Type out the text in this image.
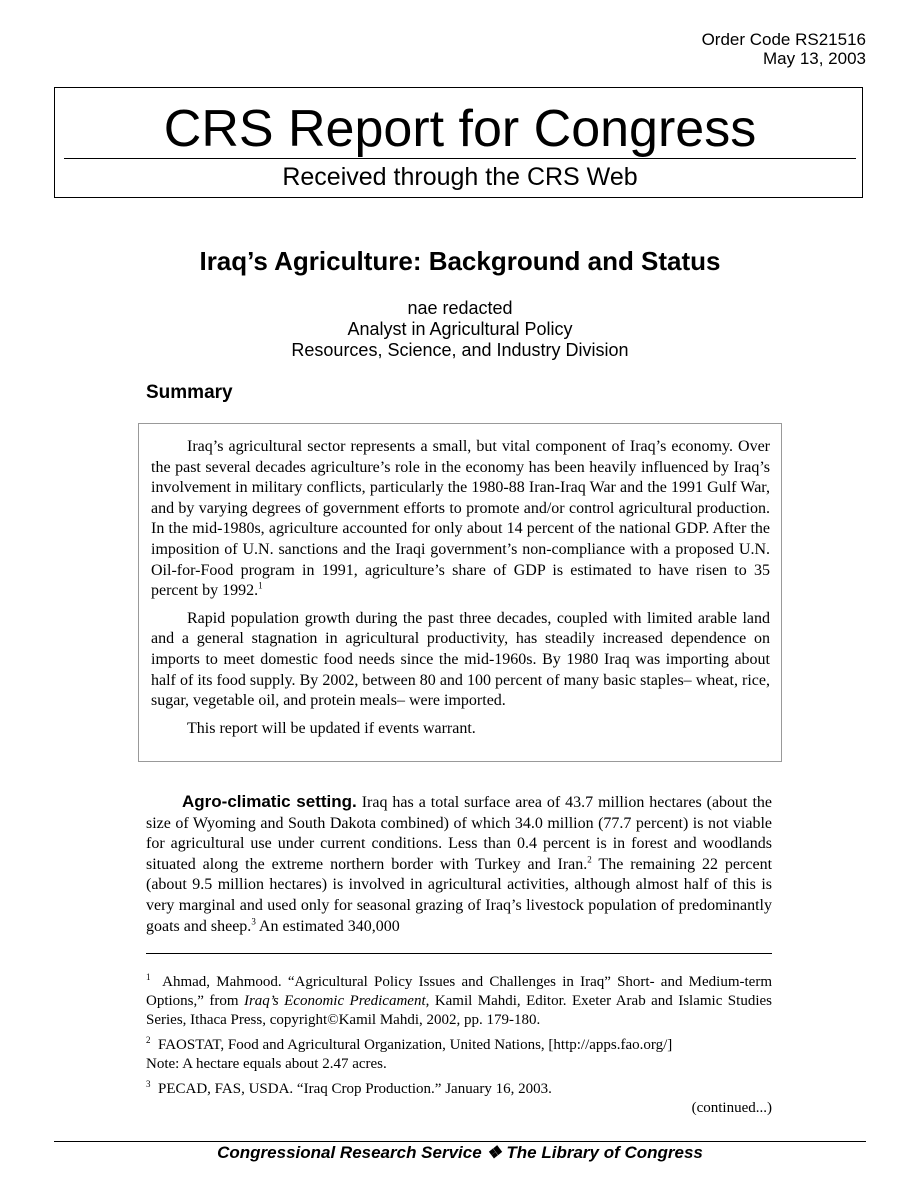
Order Code RS21516
May 13, 2003
CRS Report for Congress
Received through the CRS Web
Iraq’s Agriculture: Background and Status
nae redacted
Analyst in Agricultural Policy
Resources, Science, and Industry Division
Summary

Iraq’s agricultural sector represents a small, but vital component of Iraq’s economy. Over the past several decades agriculture’s role in the economy has been heavily influenced by Iraq’s involvement in military conflicts, particularly the 1980-88 Iran-Iraq War and the 1991 Gulf War, and by varying degrees of government efforts to promote and/or control agricultural production. In the mid-1980s, agriculture accounted for only about 14 percent of the national GDP. After the imposition of U.N. sanctions and the Iraqi government’s non-compliance with a proposed U.N. Oil-for-Food program in 1991, agriculture’s share of GDP is estimated to have risen to 35 percent by 1992.$^1$

Rapid population growth during the past three decades, coupled with limited arable land and a general stagnation in agricultural productivity, has steadily increased dependence on imports to meet domestic food needs since the mid-1960s. By 1980 Iraq was importing about half of its food supply. By 2002, between 80 and 100 percent of many basic staples– wheat, rice, sugar, vegetable oil, and protein meals– were imported.

This report will be updated if events warrant.

Agro-climatic setting. Iraq has a total surface area of 43.7 million hectares (about the size of Wyoming and South Dakota combined) of which 34.0 million (77.7 percent) is not viable for agricultural use under current conditions. Less than 0.4 percent is in forest and woodlands situated along the extreme northern border with Turkey and Iran.$^2$ The remaining 22 percent (about 9.5 million hectares) is involved in agricultural activities, although almost half of this is very marginal and used only for seasonal grazing of Iraq’s livestock population of predominantly goats and sheep.$^3$ An estimated 340,000

$^1$ Ahmad, Mahmood. “Agricultural Policy Issues and Challenges in Iraq” Short- and Medium-term Options,” from Iraq’s Economic Predicament, Kamil Mahdi, Editor. Exeter Arab and Islamic Studies Series, Ithaca Press, copyright©Kamil Mahdi, 2002, pp. 179-180.

$^2$ FAOSTAT, Food and Agricultural Organization, United Nations, [http://apps.fao.org/]
Note: A hectare equals about 2.47 acres.

$^3$ PECAD, FAS, USDA. “Iraq Crop Production.” January 16, 2003.

(continued...)

Congressional Research Service ❖ The Library of Congress
